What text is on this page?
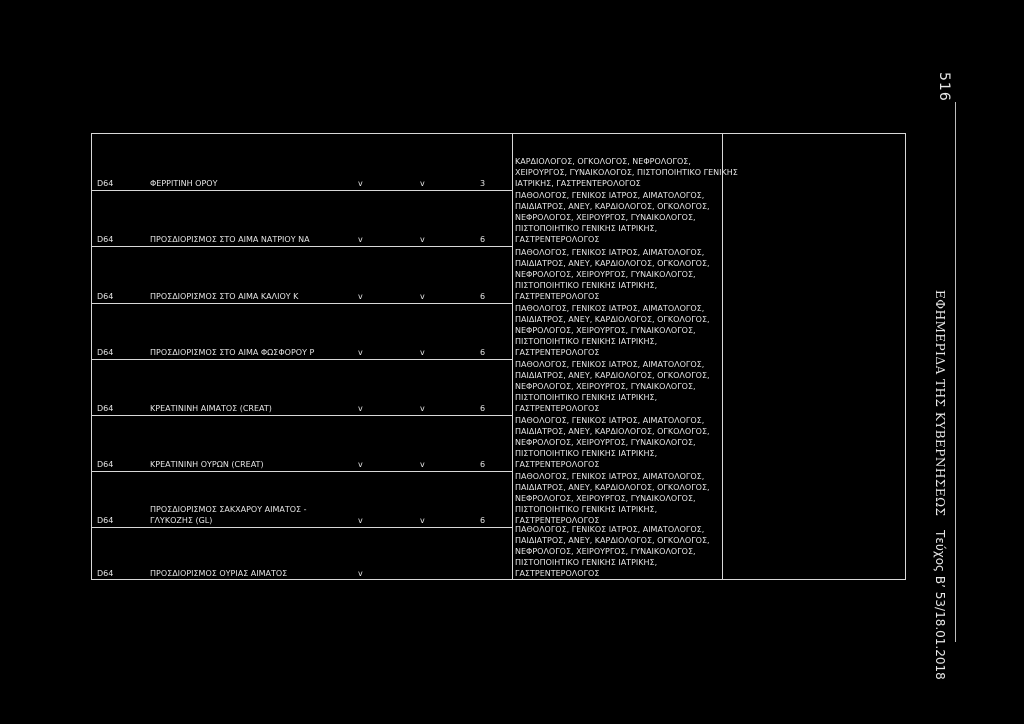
D64	ΦΕΡΡΙΤΙΝΗ ΟΡΟΥ	v	v	3
ΚΑΡΔΙΟΛΟΓΟΣ, ΟΓΚΟΛΟΓΟΣ, ΝΕΦΡΟΛΟΓΟΣ,
ΧΕΙΡΟΥΡΓΟΣ, ΓΥΝΑΙΚΟΛΟΓΟΣ, ΠΙΣΤΟΠΟΙΗΤΙΚΟ ΓΕΝΙΚΗΣ
ΙΑΤΡΙΚΗΣ, ΓΑΣΤΡΕΝΤΕΡΟΛΟΓΟΣ
D64	ΠΡΟΣΔΙΟΡΙΣΜΟΣ ΣΤΟ ΑΙΜΑ ΝΑΤΡΙΟΥ NA	v	v	6
ΠΑΘΟΛΟΓΟΣ, ΓΕΝΙΚΟΣ ΙΑΤΡΟΣ, ΑΙΜΑΤΟΛΟΓΟΣ,
ΠΑΙΔΙΑΤΡΟΣ, ΑΝΕΥ, ΚΑΡΔΙΟΛΟΓΟΣ, ΟΓΚΟΛΟΓΟΣ,
ΝΕΦΡΟΛΟΓΟΣ, ΧΕΙΡΟΥΡΓΟΣ, ΓΥΝΑΙΚΟΛΟΓΟΣ,
ΠΙΣΤΟΠΟΙΗΤΙΚΟ ΓΕΝΙΚΗΣ ΙΑΤΡΙΚΗΣ,
ΓΑΣΤΡΕΝΤΕΡΟΛΟΓΟΣ
D64	ΠΡΟΣΔΙΟΡΙΣΜΟΣ ΣΤΟ ΑΙΜΑ ΚΑΛΙΟΥ Κ	v	v	6
ΠΑΘΟΛΟΓΟΣ, ΓΕΝΙΚΟΣ ΙΑΤΡΟΣ, ΑΙΜΑΤΟΛΟΓΟΣ,
ΠΑΙΔΙΑΤΡΟΣ, ΑΝΕΥ, ΚΑΡΔΙΟΛΟΓΟΣ, ΟΓΚΟΛΟΓΟΣ,
ΝΕΦΡΟΛΟΓΟΣ, ΧΕΙΡΟΥΡΓΟΣ, ΓΥΝΑΙΚΟΛΟΓΟΣ,
ΠΙΣΤΟΠΟΙΗΤΙΚΟ ΓΕΝΙΚΗΣ ΙΑΤΡΙΚΗΣ,
ΓΑΣΤΡΕΝΤΕΡΟΛΟΓΟΣ
D64	ΠΡΟΣΔΙΟΡΙΣΜΟΣ ΣΤΟ ΑΙΜΑ ΦΩΣΦΟΡΟΥ P	v	v	6
ΠΑΘΟΛΟΓΟΣ, ΓΕΝΙΚΟΣ ΙΑΤΡΟΣ, ΑΙΜΑΤΟΛΟΓΟΣ,
ΠΑΙΔΙΑΤΡΟΣ, ΑΝΕΥ, ΚΑΡΔΙΟΛΟΓΟΣ, ΟΓΚΟΛΟΓΟΣ,
ΝΕΦΡΟΛΟΓΟΣ, ΧΕΙΡΟΥΡΓΟΣ, ΓΥΝΑΙΚΟΛΟΓΟΣ,
ΠΙΣΤΟΠΟΙΗΤΙΚΟ ΓΕΝΙΚΗΣ ΙΑΤΡΙΚΗΣ,
ΓΑΣΤΡΕΝΤΕΡΟΛΟΓΟΣ
D64	ΚΡΕΑΤΙΝΙΝΗ ΑΙΜΑΤΟΣ (CREAT)	v	v	6
ΠΑΘΟΛΟΓΟΣ, ΓΕΝΙΚΟΣ ΙΑΤΡΟΣ, ΑΙΜΑΤΟΛΟΓΟΣ,
ΠΑΙΔΙΑΤΡΟΣ, ΑΝΕΥ, ΚΑΡΔΙΟΛΟΓΟΣ, ΟΓΚΟΛΟΓΟΣ,
ΝΕΦΡΟΛΟΓΟΣ, ΧΕΙΡΟΥΡΓΟΣ, ΓΥΝΑΙΚΟΛΟΓΟΣ,
ΠΙΣΤΟΠΟΙΗΤΙΚΟ ΓΕΝΙΚΗΣ ΙΑΤΡΙΚΗΣ,
ΓΑΣΤΡΕΝΤΕΡΟΛΟΓΟΣ
D64	ΚΡΕΑΤΙΝΙΝΗ ΟΥΡΩΝ (CREAT)	v	v	6
ΠΑΘΟΛΟΓΟΣ, ΓΕΝΙΚΟΣ ΙΑΤΡΟΣ, ΑΙΜΑΤΟΛΟΓΟΣ,
ΠΑΙΔΙΑΤΡΟΣ, ΑΝΕΥ, ΚΑΡΔΙΟΛΟΓΟΣ, ΟΓΚΟΛΟΓΟΣ,
ΝΕΦΡΟΛΟΓΟΣ, ΧΕΙΡΟΥΡΓΟΣ, ΓΥΝΑΙΚΟΛΟΓΟΣ,
ΠΙΣΤΟΠΟΙΗΤΙΚΟ ΓΕΝΙΚΗΣ ΙΑΤΡΙΚΗΣ,
ΓΑΣΤΡΕΝΤΕΡΟΛΟΓΟΣ
D64
ΠΡΟΣΔΙΟΡΙΣΜΟΣ ΣΑΚΧΑΡΟΥ ΑΙΜΑΤΟΣ -
ΓΛΥΚΟΖΗΣ (GL)	v	v	6
ΠΑΘΟΛΟΓΟΣ, ΓΕΝΙΚΟΣ ΙΑΤΡΟΣ, ΑΙΜΑΤΟΛΟΓΟΣ,
ΠΑΙΔΙΑΤΡΟΣ, ΑΝΕΥ, ΚΑΡΔΙΟΛΟΓΟΣ, ΟΓΚΟΛΟΓΟΣ,
ΝΕΦΡΟΛΟΓΟΣ, ΧΕΙΡΟΥΡΓΟΣ, ΓΥΝΑΙΚΟΛΟΓΟΣ,
ΠΙΣΤΟΠΟΙΗΤΙΚΟ ΓΕΝΙΚΗΣ ΙΑΤΡΙΚΗΣ,
ΓΑΣΤΡΕΝΤΕΡΟΛΟΓΟΣ
D64	ΠΡΟΣΔΙΟΡΙΣΜΟΣ ΟΥΡΙΑΣ ΑΙΜΑΤΟΣ	v
ΠΑΘΟΛΟΓΟΣ, ΓΕΝΙΚΟΣ ΙΑΤΡΟΣ, ΑΙΜΑΤΟΛΟΓΟΣ,
ΠΑΙΔΙΑΤΡΟΣ, ΑΝΕΥ, ΚΑΡΔΙΟΛΟΓΟΣ, ΟΓΚΟΛΟΓΟΣ,
ΝΕΦΡΟΛΟΓΟΣ, ΧΕΙΡΟΥΡΓΟΣ, ΓΥΝΑΙΚΟΛΟΓΟΣ,
ΠΙΣΤΟΠΟΙΗΤΙΚΟ ΓΕΝΙΚΗΣ ΙΑΤΡΙΚΗΣ,
ΓΑΣΤΡΕΝΤΕΡΟΛΟΓΟΣ
516
ΕΦΗΜΕΡΙΔΑ ΤΗΣ ΚΥΒΕΡΝΗΣΕΩΣ
Τεύχος Β’ 53/18.01.2018
